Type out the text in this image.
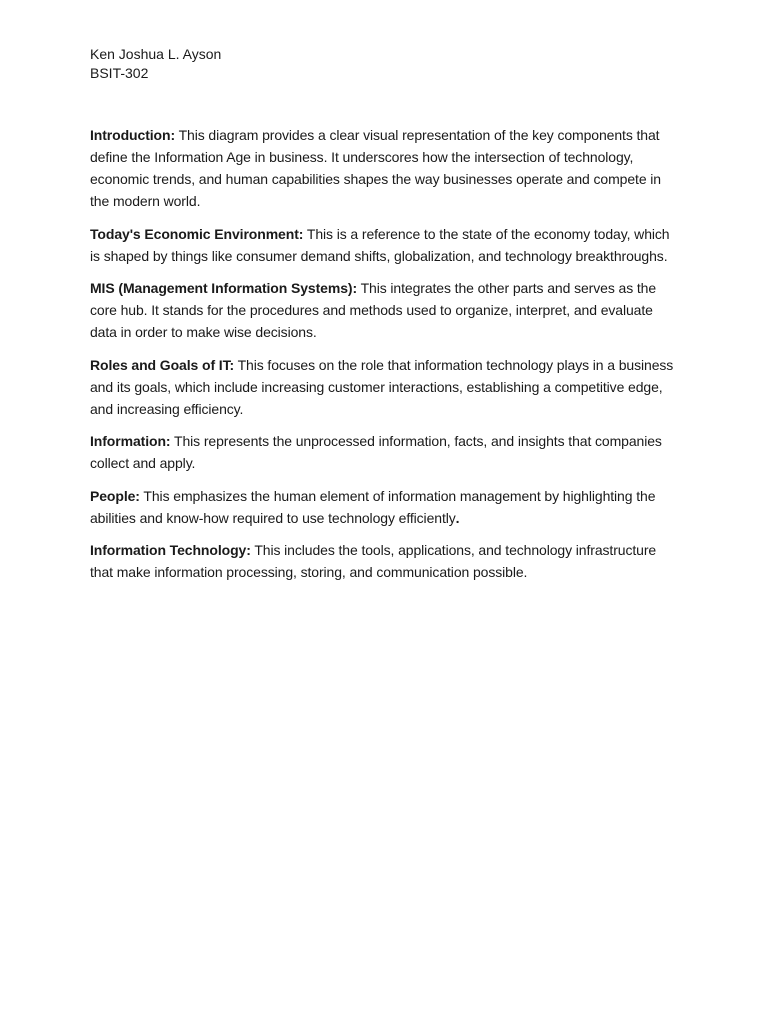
Ken Joshua L. Ayson
BSIT-302

Introduction: This diagram provides a clear visual representation of the key components that define the Information Age in business. It underscores how the intersection of technology, economic trends, and human capabilities shapes the way businesses operate and compete in the modern world.

Today's Economic Environment: This is a reference to the state of the economy today, which is shaped by things like consumer demand shifts, globalization, and technology breakthroughs.

MIS (Management Information Systems): This integrates the other parts and serves as the core hub. It stands for the procedures and methods used to organize, interpret, and evaluate data in order to make wise decisions.

Roles and Goals of IT: This focuses on the role that information technology plays in a business and its goals, which include increasing customer interactions, establishing a competitive edge, and increasing efficiency.

Information: This represents the unprocessed information, facts, and insights that companies collect and apply.

People: This emphasizes the human element of information management by highlighting the abilities and know-how required to use technology efficiently.

Information Technology: This includes the tools, applications, and technology infrastructure that make information processing, storing, and communication possible.
